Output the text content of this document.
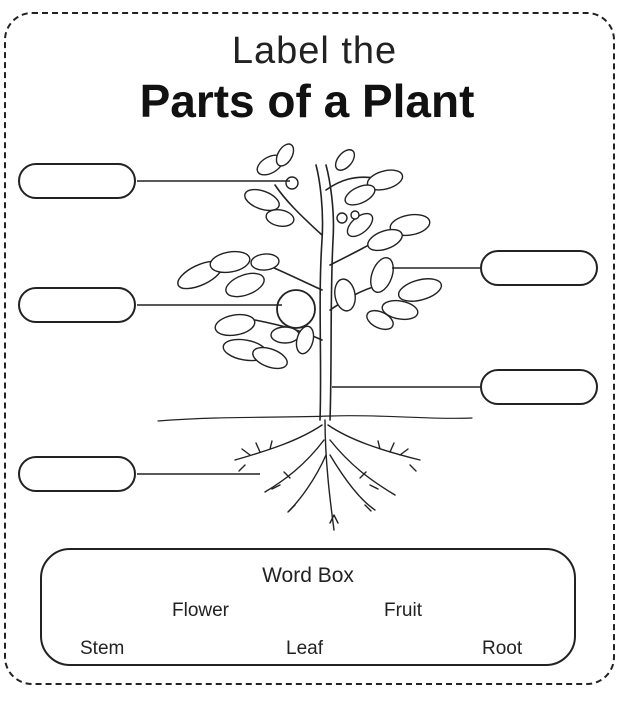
Label the
Parts of a Plant
Word Box
Flower	Fruit
Stem	Leaf	Root
